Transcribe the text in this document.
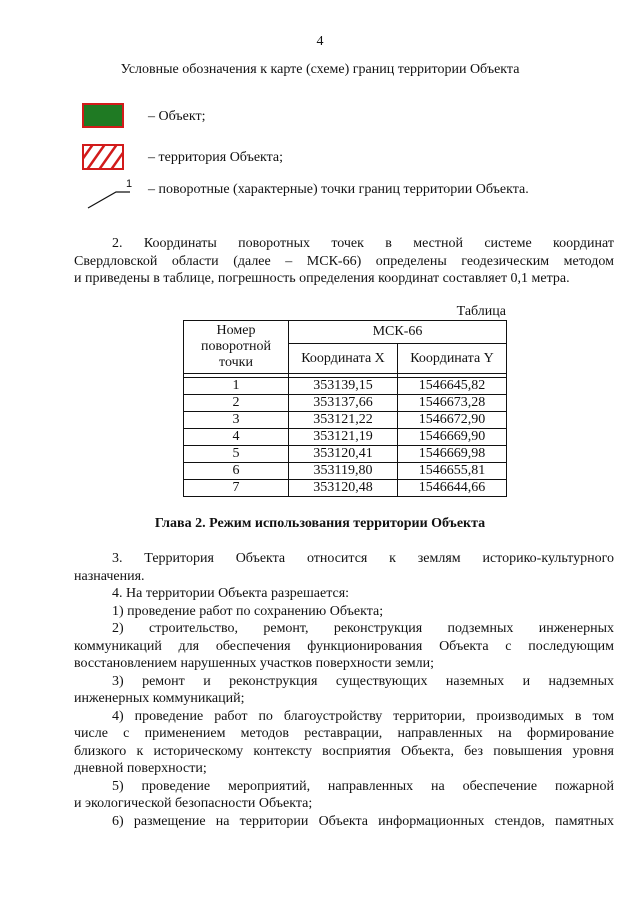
4
Условные обозначения к карте (схеме) границ территории Объекта
– Объект;
– территория Объекта;
1 – поворотные (характерные) точки границ территории Объекта.
2. Координаты поворотных точек в местной системе координат
Свердловской области (далее – МСК-66) определены геодезическим методом
и приведены в таблице, погрешность определения координат составляет 0,1 метра.
Таблица
Номер поворотной точки	МСК-66	
	Координата X	Координата Y

1	353139,15	1546645,82
2	353137,66	1546673,28
3	353121,22	1546672,90
4	353121,19	1546669,90
5	353120,41	1546669,98
6	353119,80	1546655,81
7	353120,48	1546644,66
Глава 2. Режим использования территории Объекта
3. Территория Объекта относится к землям историко-культурного
назначения.
4. На территории Объекта разрешается:
1) проведение работ по сохранению Объекта;
2) строительство, ремонт, реконструкция подземных инженерных
коммуникаций для обеспечения функционирования Объекта с последующим
восстановлением нарушенных участков поверхности земли;
3) ремонт и реконструкция существующих наземных и надземных
инженерных коммуникаций;
4) проведение работ по благоустройству территории, производимых в том
числе с применением методов реставрации, направленных на формирование
близкого к историческому контексту восприятия Объекта, без повышения уровня
дневной поверхности;
5) проведение мероприятий, направленных на обеспечение пожарной
и экологической безопасности Объекта;
6) размещение на территории Объекта информационных стендов, памятных
